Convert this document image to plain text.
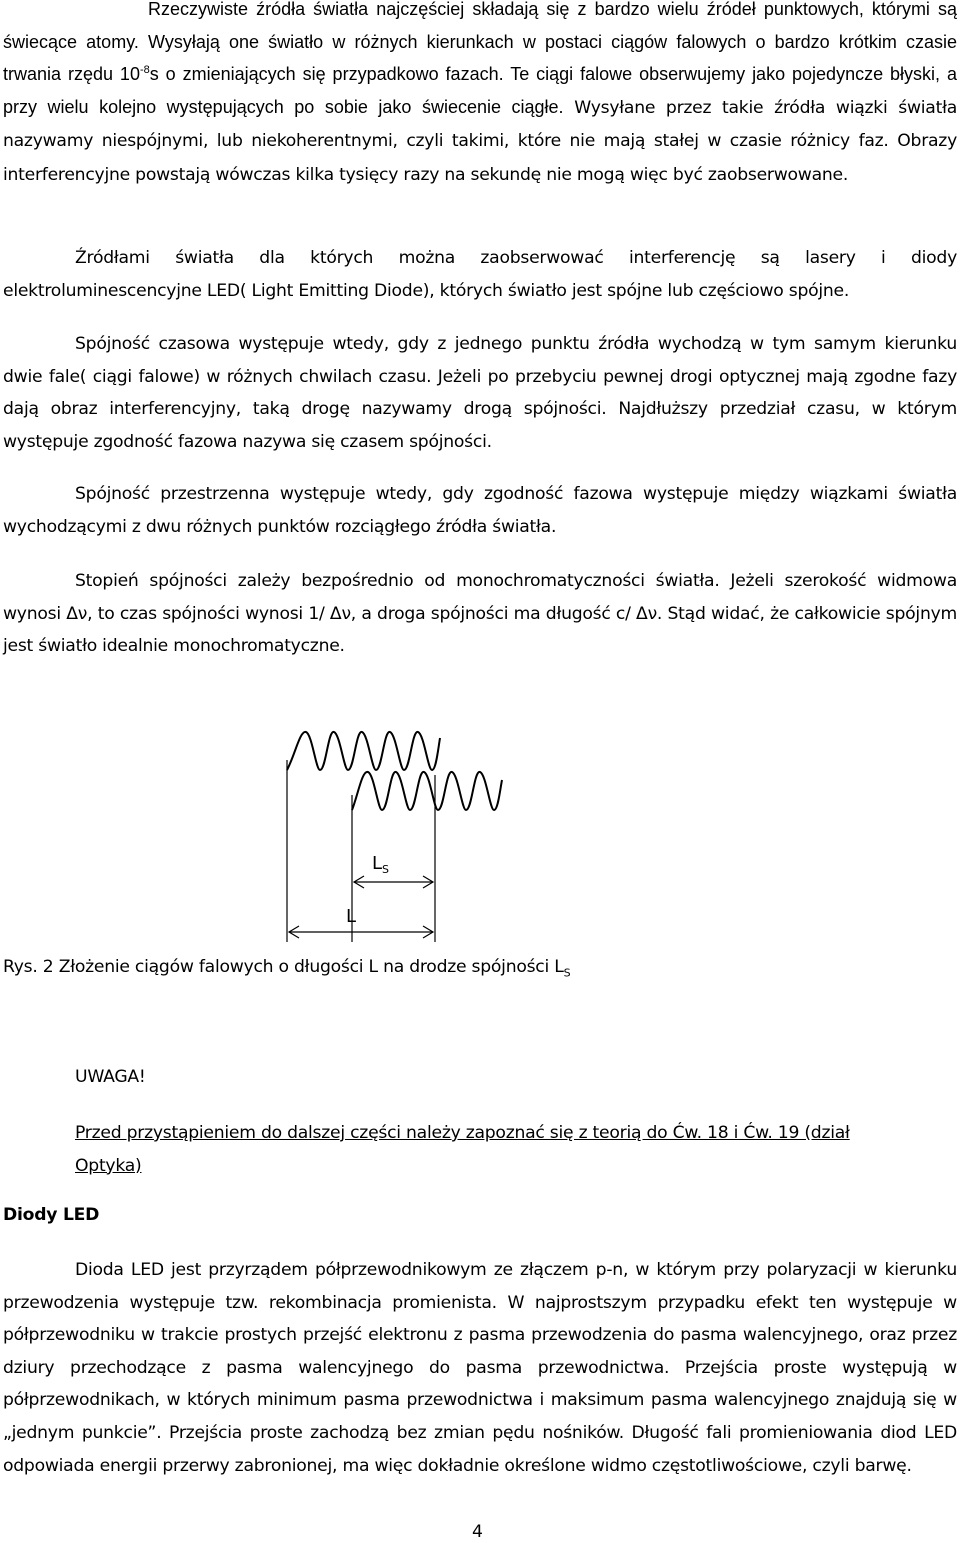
Rzeczywiste źródła światła najczęściej składają się z bardzo wielu źródeł punktowych, którymi są świecące atomy. Wysyłają one światło w różnych kierunkach w postaci ciągów falowych o bardzo krótkim czasie trwania rzędu $10^{-8}s$ o zmieniających się przypadkowo fazach. Te ciągi falowe obserwujemy jako pojedyncze błyski, a przy wielu kolejno występujących po sobie jako świecenie ciągłe. Wysyłane przez takie źródła wiązki światła nazywamy niespójnymi, lub niekoherentnymi, czyli takimi, które nie mają stałej w czasie różnicy faz. Obrazy interferencyjne powstają wówczas kilka tysięcy razy na sekundę nie mogą więc być zaobserwowane.

Źródłami światła dla których można zaobserwować interferencję są lasery i diody elektroluminescencyjne LED( Light Emitting Diode), których światło jest spójne lub częściowo spójne.

Spójność czasowa występuje wtedy, gdy z jednego punktu źródła wychodzą w tym samym kierunku dwie fale( ciągi falowe) w różnych chwilach czasu. Jeżeli po przebyciu pewnej drogi optycznej mają zgodne fazy dają obraz interferencyjny, taką drogę nazywamy drogą spójności. Najdłuższy przedział czasu, w którym występuje zgodność fazowa nazywa się czasem spójności.

Spójność przestrzenna występuje wtedy, gdy zgodność fazowa występuje między wiązkami światła wychodzącymi z dwu różnych punktów rozciągłego źródła światła.

Stopień spójności zależy bezpośrednio od monochromatyczności światła. Jeżeli szerokość widmowa wynosi Δν, to czas spójności wynosi 1/ Δν, a droga spójności ma długość c/ Δν. Stąd widać, że całkowicie spójnym jest światło idealnie monochromatyczne.

$L_S$
L

Rys. 2 Złożenie ciągów falowych o długości L na drodze spójności $L_S$

UWAGA!

Przed przystąpieniem do dalszej części należy zapoznać się z teorią do Ćw. 18 i Ćw. 19 (dział Optyka)

Diody LED

Dioda LED jest przyrządem półprzewodnikowym ze złączem p-n, w którym przy polaryzacji w kierunku przewodzenia występuje tzw. rekombinacja promienista. W najprostszym przypadku efekt ten występuje w półprzewodniku w trakcie prostych przejść elektronu z pasma przewodzenia do pasma walencyjnego, oraz przez dziury przechodzące z pasma walencyjnego do pasma przewodnictwa. Przejścia proste występują w półprzewodnikach, w których minimum pasma przewodnictwa i maksimum pasma walencyjnego znajdują się w „jednym punkcie”. Przejścia proste zachodzą bez zmian pędu nośników. Długość fali promieniowania diod LED odpowiada energii przerwy zabronionej, ma więc dokładnie określone widmo częstotliwościowe, czyli barwę.

4
